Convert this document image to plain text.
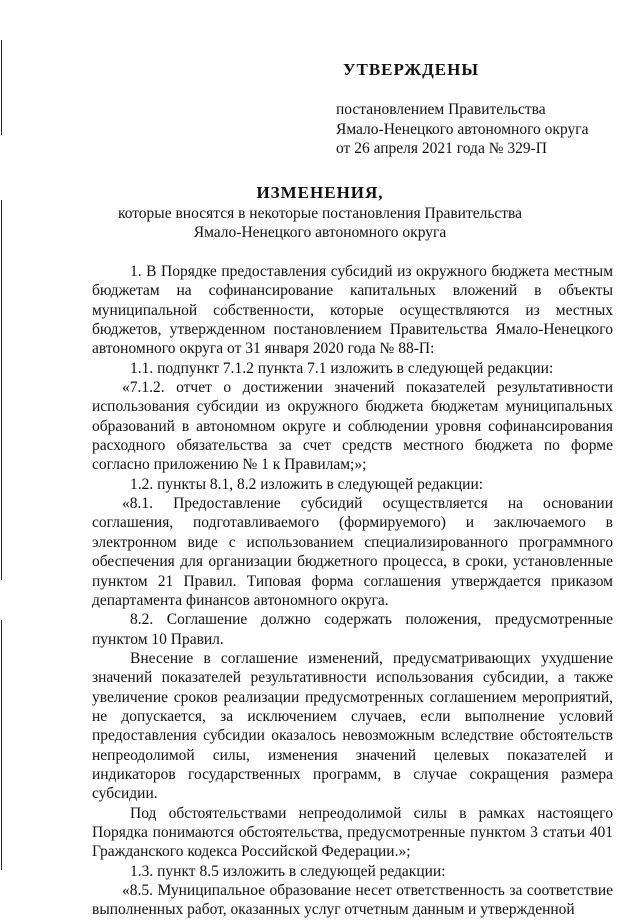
УТВЕРЖДЕНЫ
постановлением Правительства
Ямало-Ненецкого автономного округа
от 26 апреля 2021 года № 329-П
ИЗМЕНЕНИЯ,
которые вносятся в некоторые постановления Правительства
Ямало-Ненецкого автономного округа

1. В Порядке предоставления субсидий из окружного бюджета местным бюджетам на софинансирование капитальных вложений в объекты муниципальной собственности, которые осуществляются из местных бюджетов, утвержденном постановлением Правительства Ямало-Ненецкого автономного округа от 31 января 2020 года № 88-П:

1.1. подпункт 7.1.2 пункта 7.1 изложить в следующей редакции:

«7.1.2. отчет о достижении значений показателей результативности использования субсидии из окружного бюджета бюджетам муниципальных образований в автономном округе и соблюдении уровня софинансирования расходного обязательства за счет средств местного бюджета по форме согласно приложению № 1 к Правилам;»;

1.2. пункты 8.1, 8.2 изложить в следующей редакции:

«8.1. Предоставление субсидий осуществляется на основании соглашения, подготавливаемого (формируемого) и заключаемого в электронном виде с использованием специализированного программного обеспечения для организации бюджетного процесса, в сроки, установленные пунктом 21 Правил. Типовая форма соглашения утверждается приказом департамента финансов автономного округа.

8.2. Соглашение должно содержать положения, предусмотренные пунктом 10 Правил.

Внесение в соглашение изменений, предусматривающих ухудшение значений показателей результативности использования субсидии, а также увеличение сроков реализации предусмотренных соглашением мероприятий, не допускается, за исключением случаев, если выполнение условий предоставления субсидии оказалось невозможным вследствие обстоятельств непреодолимой силы, изменения значений целевых показателей и индикаторов государственных программ, в случае сокращения размера субсидии.

Под обстоятельствами непреодолимой силы в рамках настоящего Порядка понимаются обстоятельства, предусмотренные пунктом 3 статьи 401 Гражданского кодекса Российской Федерации.»;

1.3. пункт 8.5 изложить в следующей редакции:

«8.5. Муниципальное образование несет ответственность за соответствие выполненных работ, оказанных услуг отчетным данным и утвержденной
